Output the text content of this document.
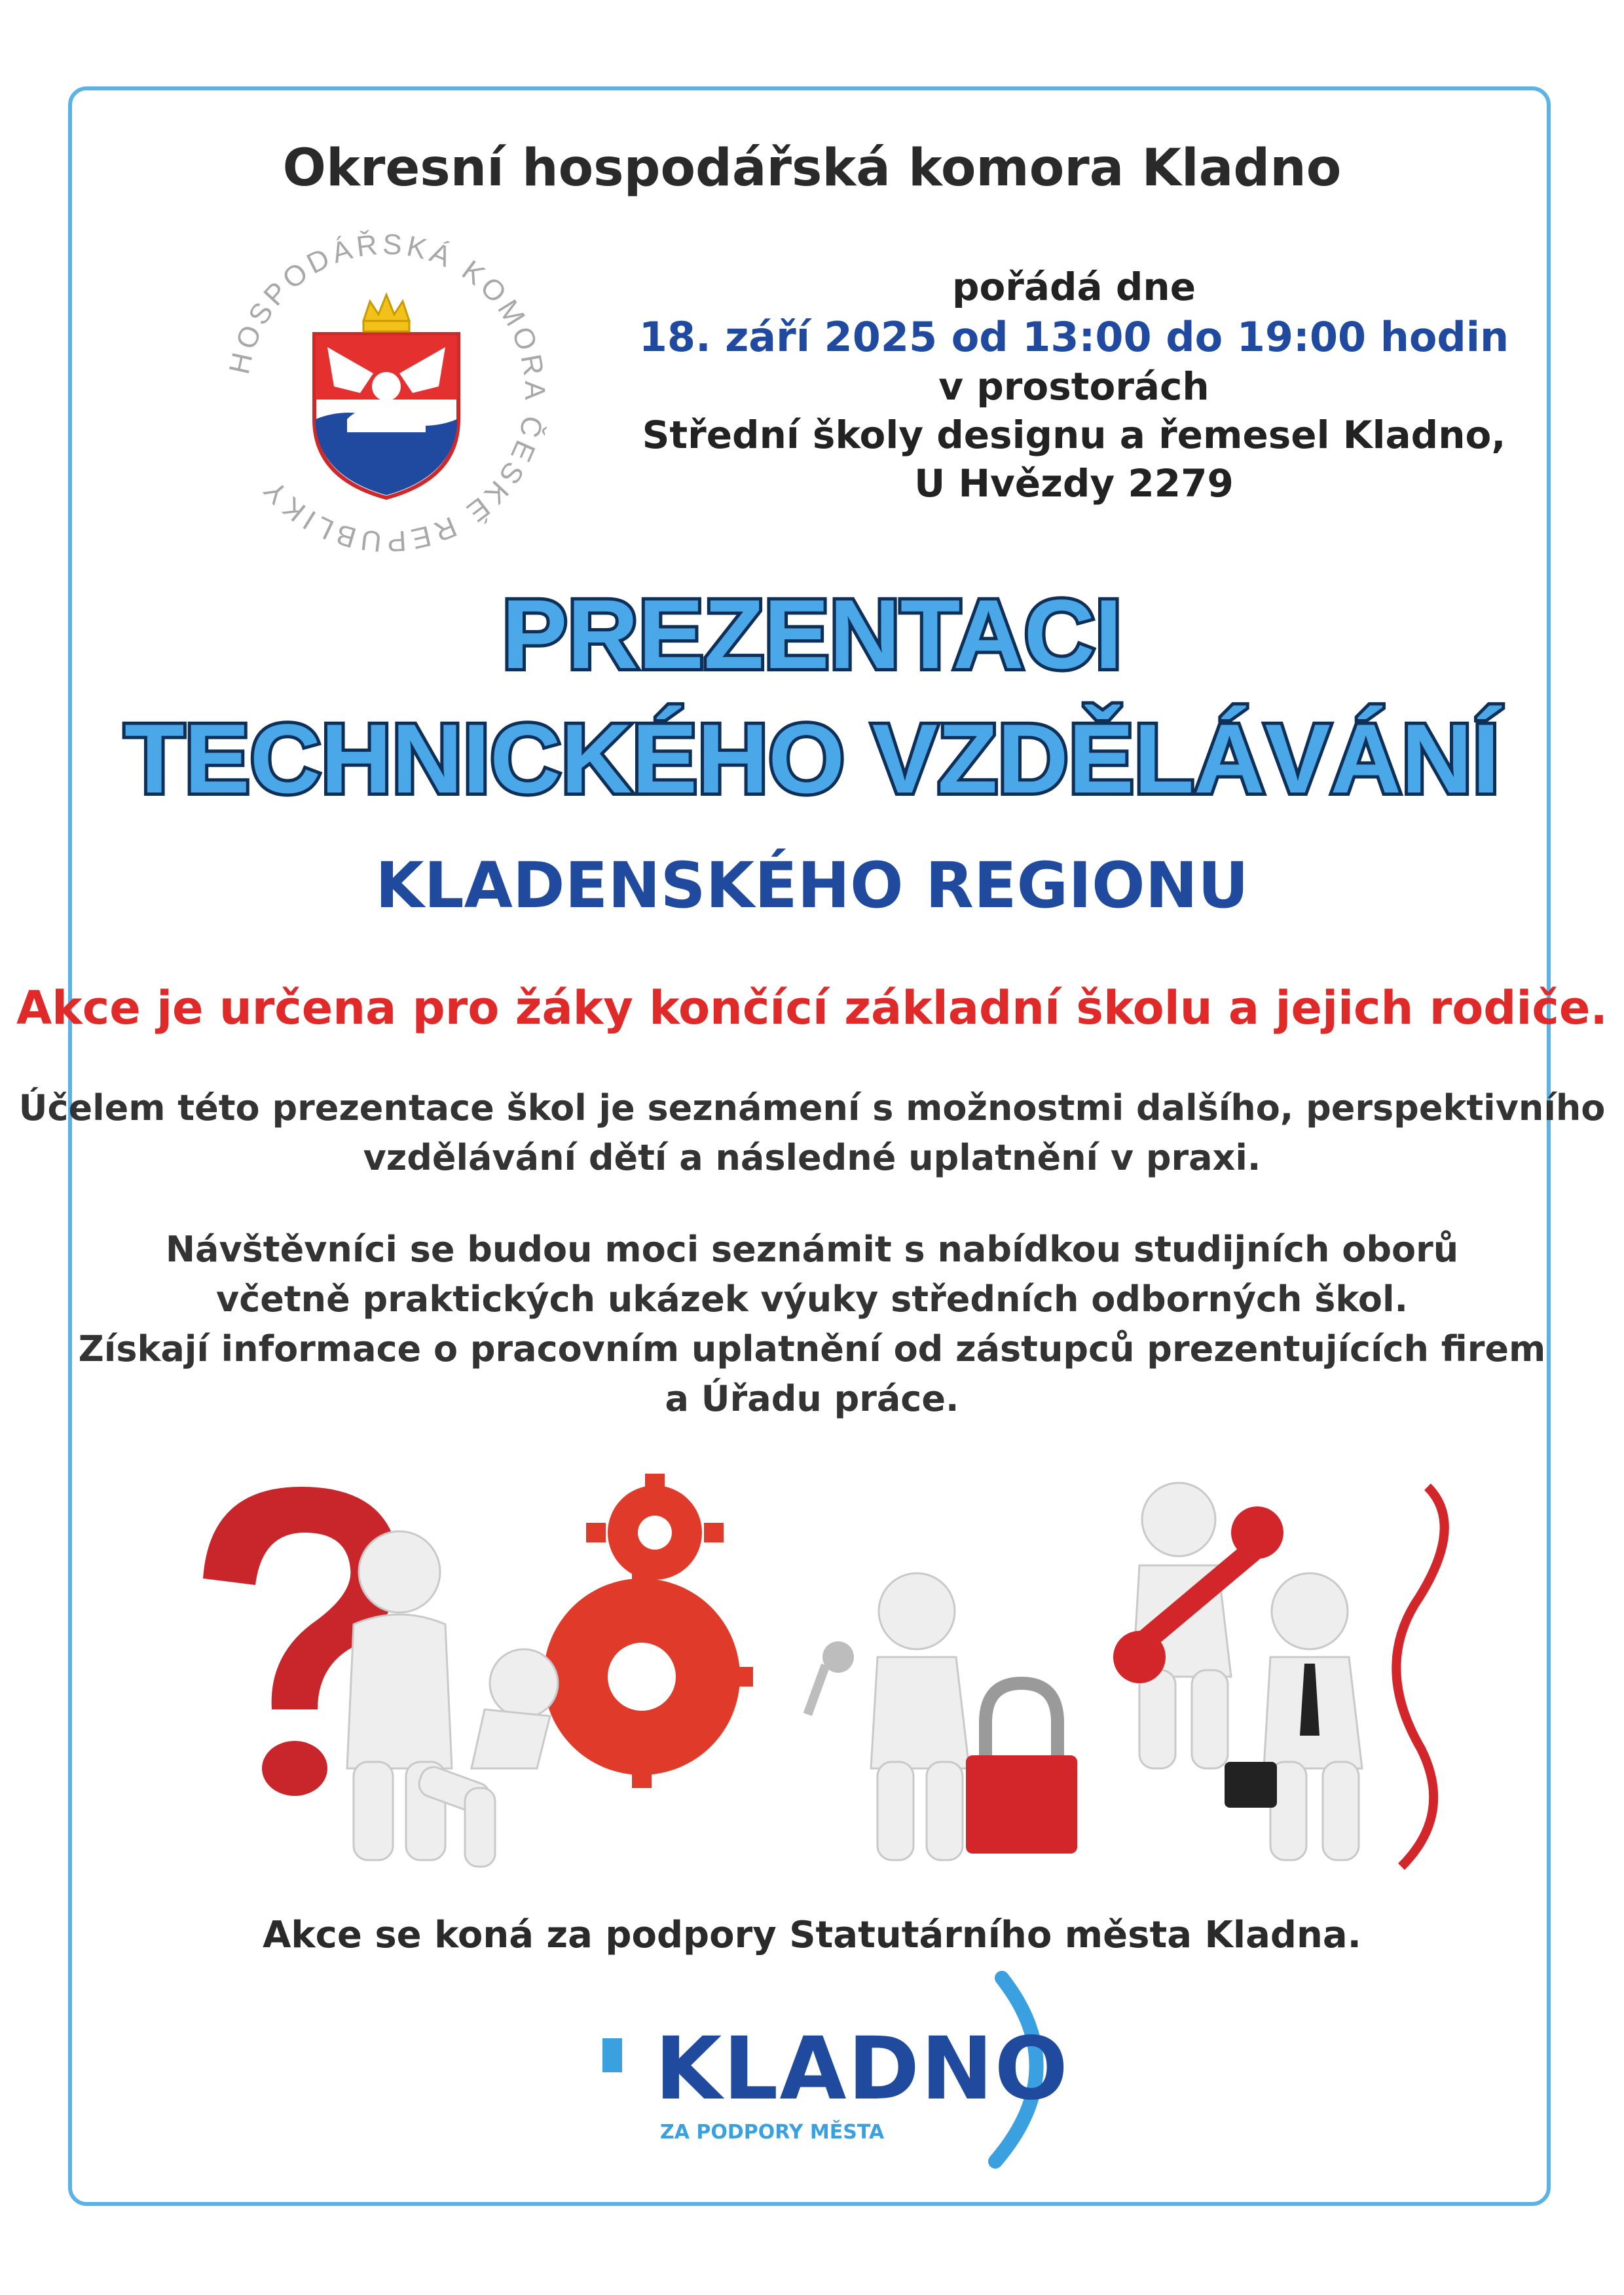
Okresní hospodářská komora Kladno
HOSPODÁŘSKÁ KOMORA ČESKÉ REPUBLIKY
pořádá dne
18. září 2025 od 13:00 do 19:00 hodin
v prostorách
Střední školy designu a řemesel Kladno,
U Hvězdy 2279
PREZENTACI
TECHNICKÉHO VZDĚLÁVÁNÍ
KLADENSKÉHO REGIONU
Akce je určena pro žáky končící základní školu a jejich rodiče.
Účelem této prezentace škol je seznámení s možnostmi dalšího, perspektivního
vzdělávání dětí a následné uplatnění v praxi.
Návštěvníci se budou moci seznámit s nabídkou studijních oborů
včetně praktických ukázek výuky středních odborných škol.
Získají informace o pracovním uplatnění od zástupců prezentujících firem
a Úřadu práce.
Akce se koná za podpory Statutárního města Kladna.
KLADNO
ZA PODPORY MĚSTA
